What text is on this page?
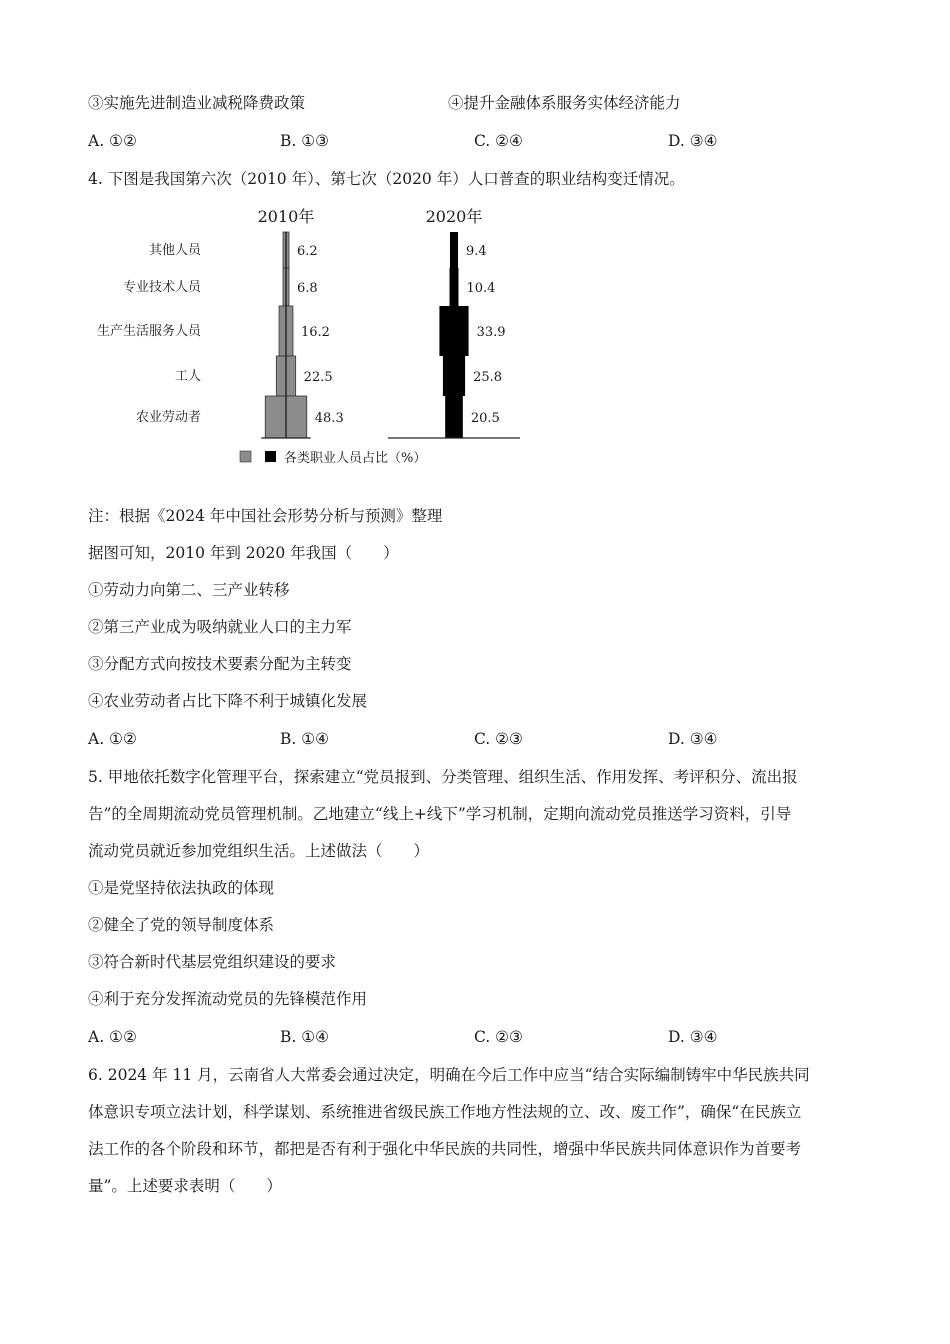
③实施先进制造业减税降费政策	④提升金融体系服务实体经济能力
A. ①②	B. ①③	C. ②④	D. ③④
4. 下图是我国第六次（2010 年）、第七次（2020 年）人口普查的职业结构变迁情况。
2010年
6.2
6.8
16.2
22.5
48.3
2020年
9.4
10.4
33.9
25.8
20.5
其他人员
专业技术人员
生产生活服务人员
工人
农业劳动者
各类职业人员占比（%）
注：根据《2024 年中国社会形势分析与预测》整理
据图可知，2010 年到 2020 年我国（　　）
①劳动力向第二、三产业转移
②第三产业成为吸纳就业人口的主力军
③分配方式向按技术要素分配为主转变
④农业劳动者占比下降不利于城镇化发展
A. ①②	B. ①④	C. ②③	D. ③④
5. 甲地依托数字化管理平台，探索建立“党员报到、分类管理、组织生活、作用发挥、考评积分、流出报
告”的全周期流动党员管理机制。乙地建立“线上+线下”学习机制，定期向流动党员推送学习资料，引导
流动党员就近参加党组织生活。上述做法（　　）
①是党坚持依法执政的体现
②健全了党的领导制度体系
③符合新时代基层党组织建设的要求
④利于充分发挥流动党员的先锋模范作用
A. ①②	B. ①④	C. ②③	D. ③④
6. 2024 年 11 月，云南省人大常委会通过决定，明确在今后工作中应当“结合实际编制铸牢中华民族共同
体意识专项立法计划，科学谋划、系统推进省级民族工作地方性法规的立、改、废工作”，确保“在民族立
法工作的各个阶段和环节，都把是否有利于强化中华民族的共同性，增强中华民族共同体意识作为首要考
量”。上述要求表明（　　）
